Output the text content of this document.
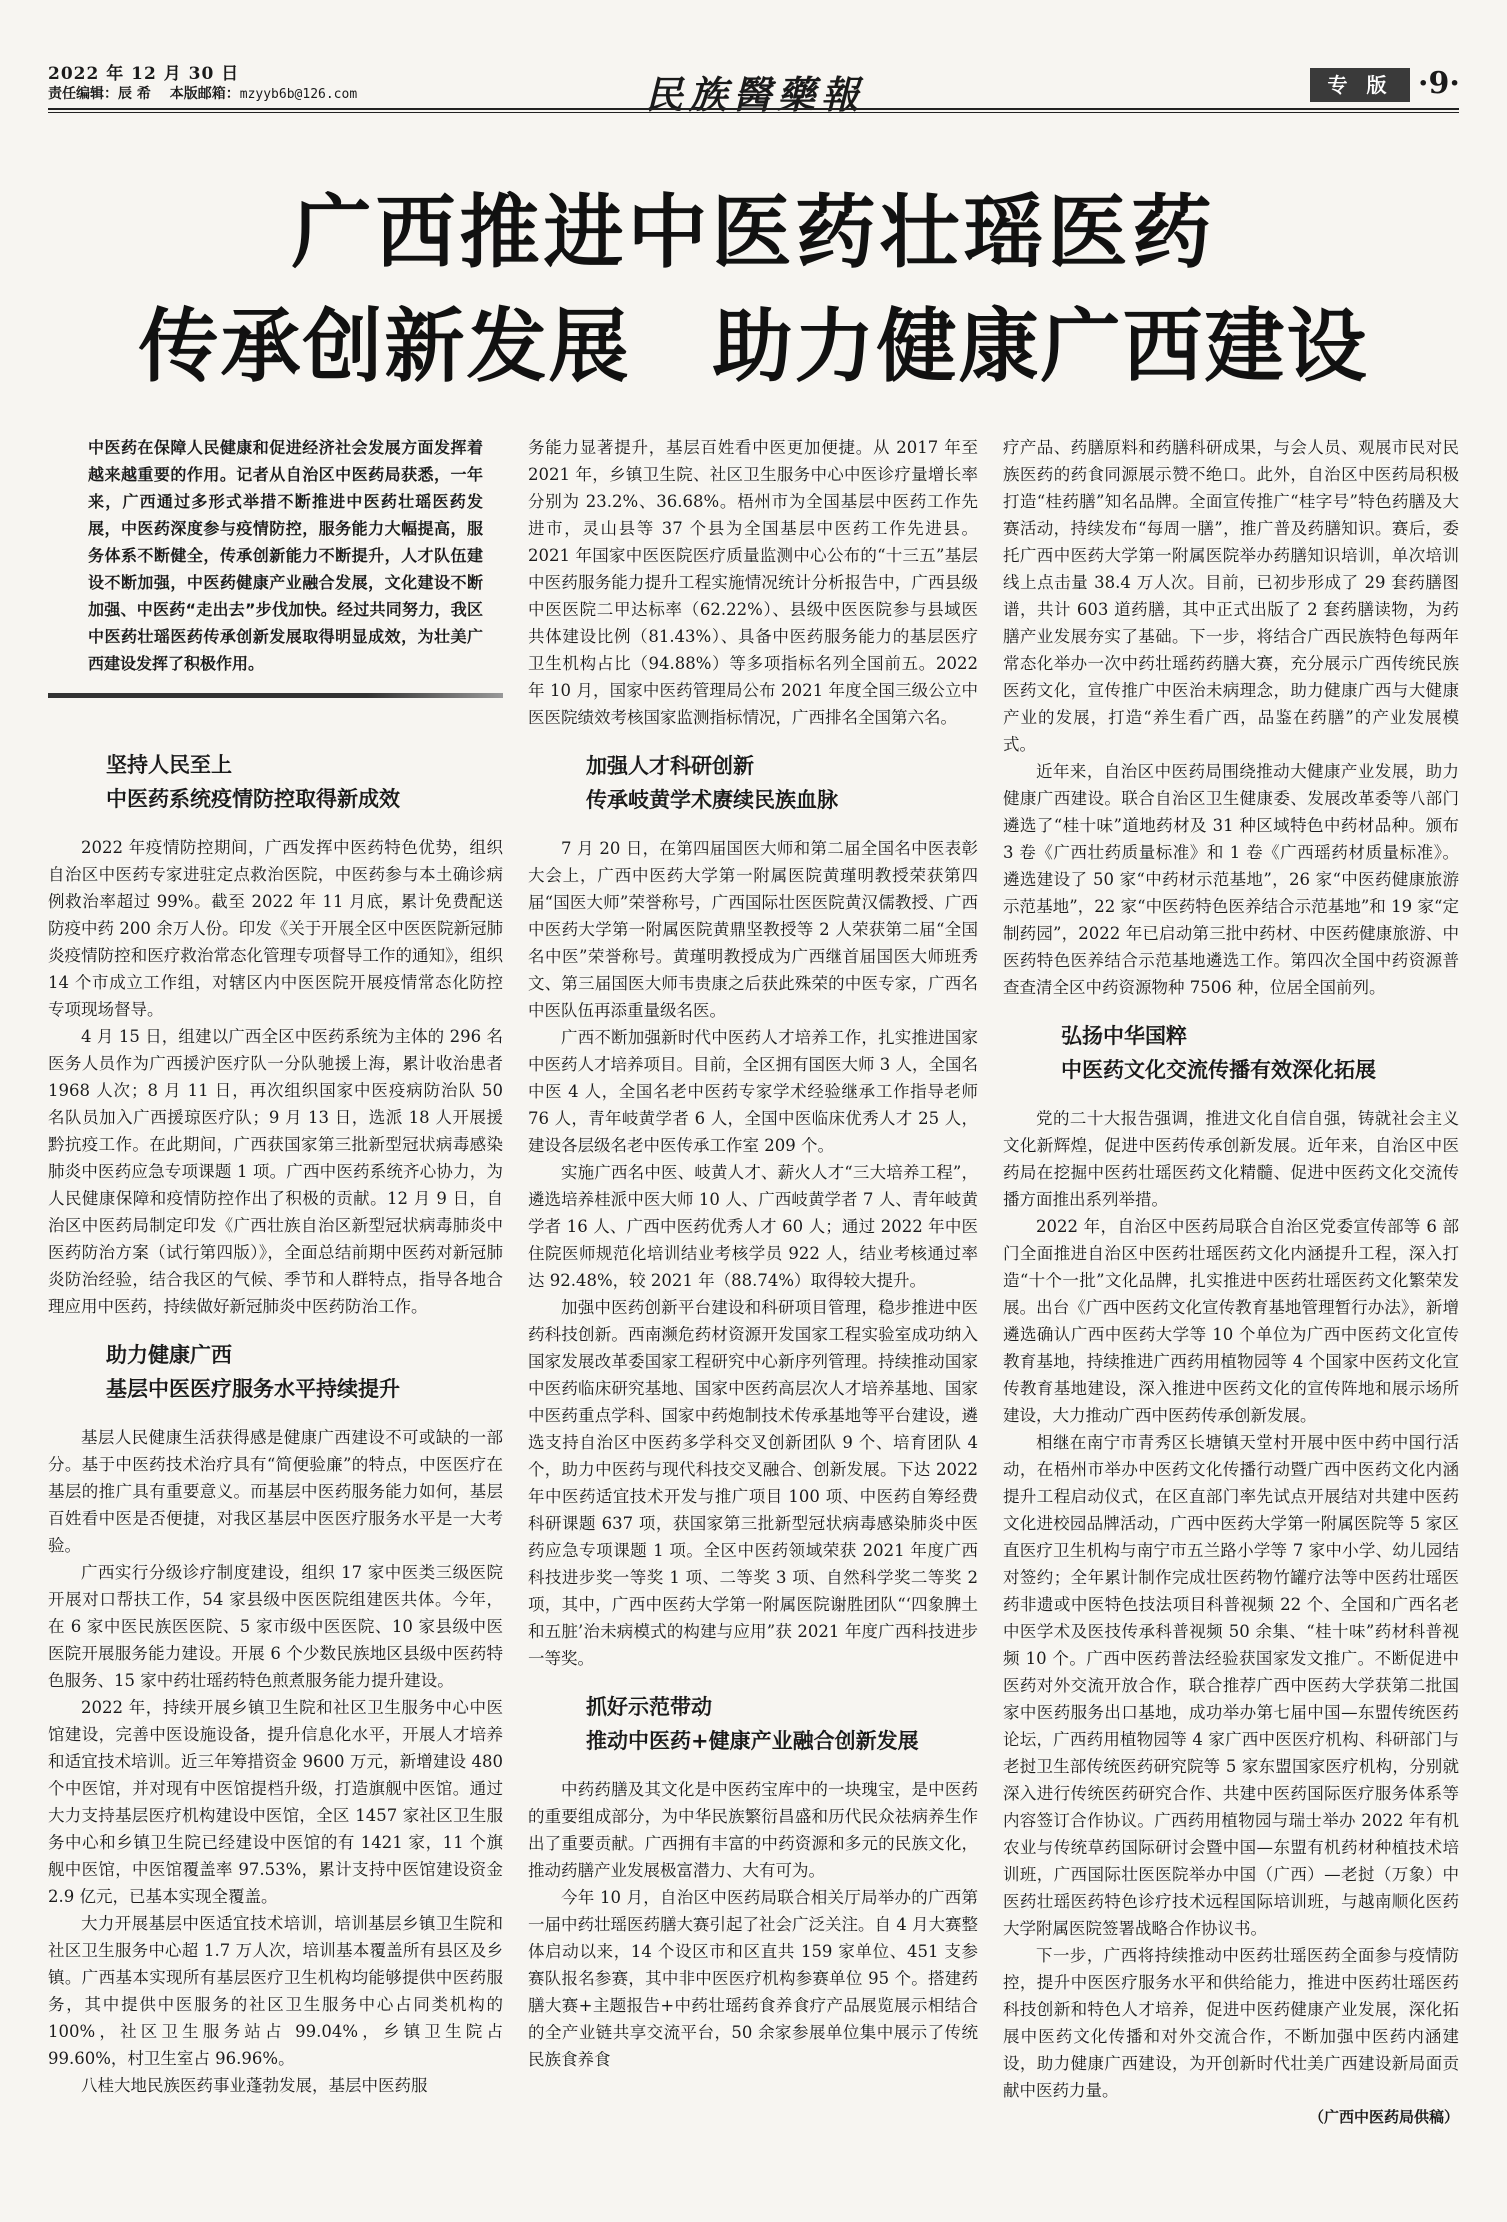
2022 年 12 月 30 日
责任编辑：辰 希　 本版邮箱：mzyyb6b@126.com	民族醫藥報	专 版 ·9·
广西推进中医药壮瑶医药
传承创新发展　助力健康广西建设
中医药在保障人民健康和促进经济社会发展方面发挥着越来越重要的作用。记者从自治区中医药局获悉，一年来，广西通过多形式举措不断推进中医药壮瑶医药发展，中医药深度参与疫情防控，服务能力大幅提高，服务体系不断健全，传承创新能力不断提升，人才队伍建设不断加强，中医药健康产业融合发展，文化建设不断加强、中医药“走出去”步伐加快。经过共同努力，我区中医药壮瑶医药传承创新发展取得明显成效，为壮美广西建设发挥了积极作用。
坚持人民至上
中医药系统疫情防控取得新成效

2022 年疫情防控期间，广西发挥中医药特色优势，组织自治区中医药专家进驻定点救治医院，中医药参与本土确诊病例救治率超过 99%。截至 2022 年 11 月底，累计免费配送防疫中药 200 余万人份。印发《关于开展全区中医医院新冠肺炎疫情防控和医疗救治常态化管理专项督导工作的通知》，组织 14 个市成立工作组，对辖区内中医医院开展疫情常态化防控专项现场督导。

4 月 15 日，组建以广西全区中医药系统为主体的 296 名医务人员作为广西援沪医疗队一分队驰援上海，累计收治患者 1968 人次；8 月 11 日，再次组织国家中医疫病防治队 50 名队员加入广西援琼医疗队；9 月 13 日，选派 18 人开展援黔抗疫工作。在此期间，广西获国家第三批新型冠状病毒感染肺炎中医药应急专项课题 1 项。广西中医药系统齐心协力，为人民健康保障和疫情防控作出了积极的贡献。12 月 9 日，自治区中医药局制定印发《广西壮族自治区新型冠状病毒肺炎中医药防治方案（试行第四版）》，全面总结前期中医药对新冠肺炎防治经验，结合我区的气候、季节和人群特点，指导各地合理应用中医药，持续做好新冠肺炎中医药防治工作。

助力健康广西
基层中医医疗服务水平持续提升

基层人民健康生活获得感是健康广西建设不可或缺的一部分。基于中医药技术治疗具有“简便验廉”的特点，中医医疗在基层的推广具有重要意义。而基层中医药服务能力如何，基层百姓看中医是否便捷，对我区基层中医医疗服务水平是一大考验。

广西实行分级诊疗制度建设，组织 17 家中医类三级医院开展对口帮扶工作，54 家县级中医医院组建医共体。今年，在 6 家中医民族医医院、5 家市级中医医院、10 家县级中医医院开展服务能力建设。开展 6 个少数民族地区县级中医药特色服务、15 家中药壮瑶药特色煎煮服务能力提升建设。

2022 年，持续开展乡镇卫生院和社区卫生服务中心中医馆建设，完善中医设施设备，提升信息化水平，开展人才培养和适宜技术培训。近三年筹措资金 9600 万元，新增建设 480 个中医馆，并对现有中医馆提档升级，打造旗舰中医馆。通过大力支持基层医疗机构建设中医馆，全区 1457 家社区卫生服务中心和乡镇卫生院已经建设中医馆的有 1421 家，11 个旗舰中医馆，中医馆覆盖率 97.53%，累计支持中医馆建设资金 2.9 亿元，已基本实现全覆盖。

大力开展基层中医适宜技术培训，培训基层乡镇卫生院和社区卫生服务中心超 1.7 万人次，培训基本覆盖所有县区及乡镇。广西基本实现所有基层医疗卫生机构均能够提供中医药服务，其中提供中医服务的社区卫生服务中心占同类机构的 100%，社区卫生服务站占 99.04%，乡镇卫生院占 99.60%，村卫生室占 96.96%。

八桂大地民族医药事业蓬勃发展，基层中医药服

务能力显著提升，基层百姓看中医更加便捷。从 2017 年至 2021 年，乡镇卫生院、社区卫生服务中心中医诊疗量增长率分别为 23.2%、36.68%。梧州市为全国基层中医药工作先进市，灵山县等 37 个县为全国基层中医药工作先进县。2021 年国家中医医院医疗质量监测中心公布的“十三五”基层中医药服务能力提升工程实施情况统计分析报告中，广西县级中医医院二甲达标率（62.22%）、县级中医医院参与县域医共体建设比例（81.43%）、具备中医药服务能力的基层医疗卫生机构占比（94.88%）等多项指标名列全国前五。2022 年 10 月，国家中医药管理局公布 2021 年度全国三级公立中医医院绩效考核国家监测指标情况，广西排名全国第六名。

加强人才科研创新
传承岐黄学术赓续民族血脉

7 月 20 日，在第四届国医大师和第二届全国名中医表彰大会上，广西中医药大学第一附属医院黄瑾明教授荣获第四届“国医大师”荣誉称号，广西国际壮医医院黄汉儒教授、广西中医药大学第一附属医院黄鼎坚教授等 2 人荣获第二届“全国名中医”荣誉称号。黄瑾明教授成为广西继首届国医大师班秀文、第三届国医大师韦贵康之后获此殊荣的中医专家，广西名中医队伍再添重量级名医。

广西不断加强新时代中医药人才培养工作，扎实推进国家中医药人才培养项目。目前，全区拥有国医大师 3 人，全国名中医 4 人，全国名老中医药专家学术经验继承工作指导老师 76 人，青年岐黄学者 6 人，全国中医临床优秀人才 25 人，建设各层级名老中医传承工作室 209 个。

实施广西名中医、岐黄人才、薪火人才“三大培养工程”，遴选培养桂派中医大师 10 人、广西岐黄学者 7 人、青年岐黄学者 16 人、广西中医药优秀人才 60 人；通过 2022 年中医住院医师规范化培训结业考核学员 922 人，结业考核通过率达 92.48%，较 2021 年（88.74%）取得较大提升。

加强中医药创新平台建设和科研项目管理，稳步推进中医药科技创新。西南濒危药材资源开发国家工程实验室成功纳入国家发展改革委国家工程研究中心新序列管理。持续推动国家中医药临床研究基地、国家中医药高层次人才培养基地、国家中医药重点学科、国家中药炮制技术传承基地等平台建设，遴选支持自治区中医药多学科交叉创新团队 9 个、培育团队 4 个，助力中医药与现代科技交叉融合、创新发展。下达 2022 年中医药适宜技术开发与推广项目 100 项、中医药自筹经费科研课题 637 项，获国家第三批新型冠状病毒感染肺炎中医药应急专项课题 1 项。全区中医药领域荣获 2021 年度广西科技进步奖一等奖 1 项、二等奖 3 项、自然科学奖二等奖 2 项，其中，广西中医药大学第一附属医院谢胜团队“‘四象脾土和五脏’治未病模式的构建与应用”获 2021 年度广西科技进步一等奖。

抓好示范带动
推动中医药+健康产业融合创新发展

中药药膳及其文化是中医药宝库中的一块瑰宝，是中医药的重要组成部分，为中华民族繁衍昌盛和历代民众祛病养生作出了重要贡献。广西拥有丰富的中药资源和多元的民族文化，推动药膳产业发展极富潜力、大有可为。

今年 10 月，自治区中医药局联合相关厅局举办的广西第一届中药壮瑶医药膳大赛引起了社会广泛关注。自 4 月大赛整体启动以来，14 个设区市和区直共 159 家单位、451 支参赛队报名参赛，其中非中医医疗机构参赛单位 95 个。搭建药膳大赛+主题报告+中药壮瑶药食养食疗产品展览展示相结合的全产业链共享交流平台，50 余家参展单位集中展示了传统民族食养食

疗产品、药膳原料和药膳科研成果，与会人员、观展市民对民族医药的药食同源展示赞不绝口。此外，自治区中医药局积极打造“桂药膳”知名品牌。全面宣传推广“桂字号”特色药膳及大赛活动，持续发布“每周一膳”，推广普及药膳知识。赛后，委托广西中医药大学第一附属医院举办药膳知识培训，单次培训线上点击量 38.4 万人次。目前，已初步形成了 29 套药膳图谱，共计 603 道药膳，其中正式出版了 2 套药膳读物，为药膳产业发展夯实了基础。下一步，将结合广西民族特色每两年常态化举办一次中药壮瑶药药膳大赛，充分展示广西传统民族医药文化，宣传推广中医治未病理念，助力健康广西与大健康产业的发展，打造“养生看广西，品鉴在药膳”的产业发展模式。

近年来，自治区中医药局围绕推动大健康产业发展，助力健康广西建设。联合自治区卫生健康委、发展改革委等八部门遴选了“桂十味”道地药材及 31 种区域特色中药材品种。颁布 3 卷《广西壮药质量标准》和 1 卷《广西瑶药材质量标准》。遴选建设了 50 家“中药材示范基地”，26 家“中医药健康旅游示范基地”，22 家“中医药特色医养结合示范基地”和 19 家“定制药园”，2022 年已启动第三批中药材、中医药健康旅游、中医药特色医养结合示范基地遴选工作。第四次全国中药资源普查查清全区中药资源物种 7506 种，位居全国前列。

弘扬中华国粹
中医药文化交流传播有效深化拓展

党的二十大报告强调，推进文化自信自强，铸就社会主义文化新辉煌，促进中医药传承创新发展。近年来，自治区中医药局在挖掘中医药壮瑶医药文化精髓、促进中医药文化交流传播方面推出系列举措。

2022 年，自治区中医药局联合自治区党委宣传部等 6 部门全面推进自治区中医药壮瑶医药文化内涵提升工程，深入打造“十个一批”文化品牌，扎实推进中医药壮瑶医药文化繁荣发展。出台《广西中医药文化宣传教育基地管理暂行办法》，新增遴选确认广西中医药大学等 10 个单位为广西中医药文化宣传教育基地，持续推进广西药用植物园等 4 个国家中医药文化宣传教育基地建设，深入推进中医药文化的宣传阵地和展示场所建设，大力推动广西中医药传承创新发展。

相继在南宁市青秀区长塘镇天堂村开展中医中药中国行活动，在梧州市举办中医药文化传播行动暨广西中医药文化内涵提升工程启动仪式，在区直部门率先试点开展结对共建中医药文化进校园品牌活动，广西中医药大学第一附属医院等 5 家区直医疗卫生机构与南宁市五兰路小学等 7 家中小学、幼儿园结对签约；全年累计制作完成壮医药物竹罐疗法等中医药壮瑶医药非遗或中医特色技法项目科普视频 22 个、全国和广西名老中医学术及医技传承科普视频 50 余集、“桂十味”药材科普视频 10 个。广西中医药普法经验获国家发文推广。不断促进中医药对外交流开放合作，联合推荐广西中医药大学获第二批国家中医药服务出口基地，成功举办第七届中国—东盟传统医药论坛，广西药用植物园等 4 家广西中医医疗机构、科研部门与老挝卫生部传统医药研究院等 5 家东盟国家医疗机构，分别就深入进行传统医药研究合作、共建中医药国际医疗服务体系等内容签订合作协议。广西药用植物园与瑞士举办 2022 年有机农业与传统草药国际研讨会暨中国—东盟有机药材种植技术培训班，广西国际壮医医院举办中国（广西）—老挝（万象）中医药壮瑶医药特色诊疗技术远程国际培训班，与越南顺化医药大学附属医院签署战略合作协议书。

下一步，广西将持续推动中医药壮瑶医药全面参与疫情防控，提升中医医疗服务水平和供给能力，推进中医药壮瑶医药科技创新和特色人才培养，促进中医药健康产业发展，深化拓展中医药文化传播和对外交流合作，不断加强中医药内涵建设，助力健康广西建设，为开创新时代壮美广西建设新局面贡献中医药力量。

（广西中医药局供稿）
